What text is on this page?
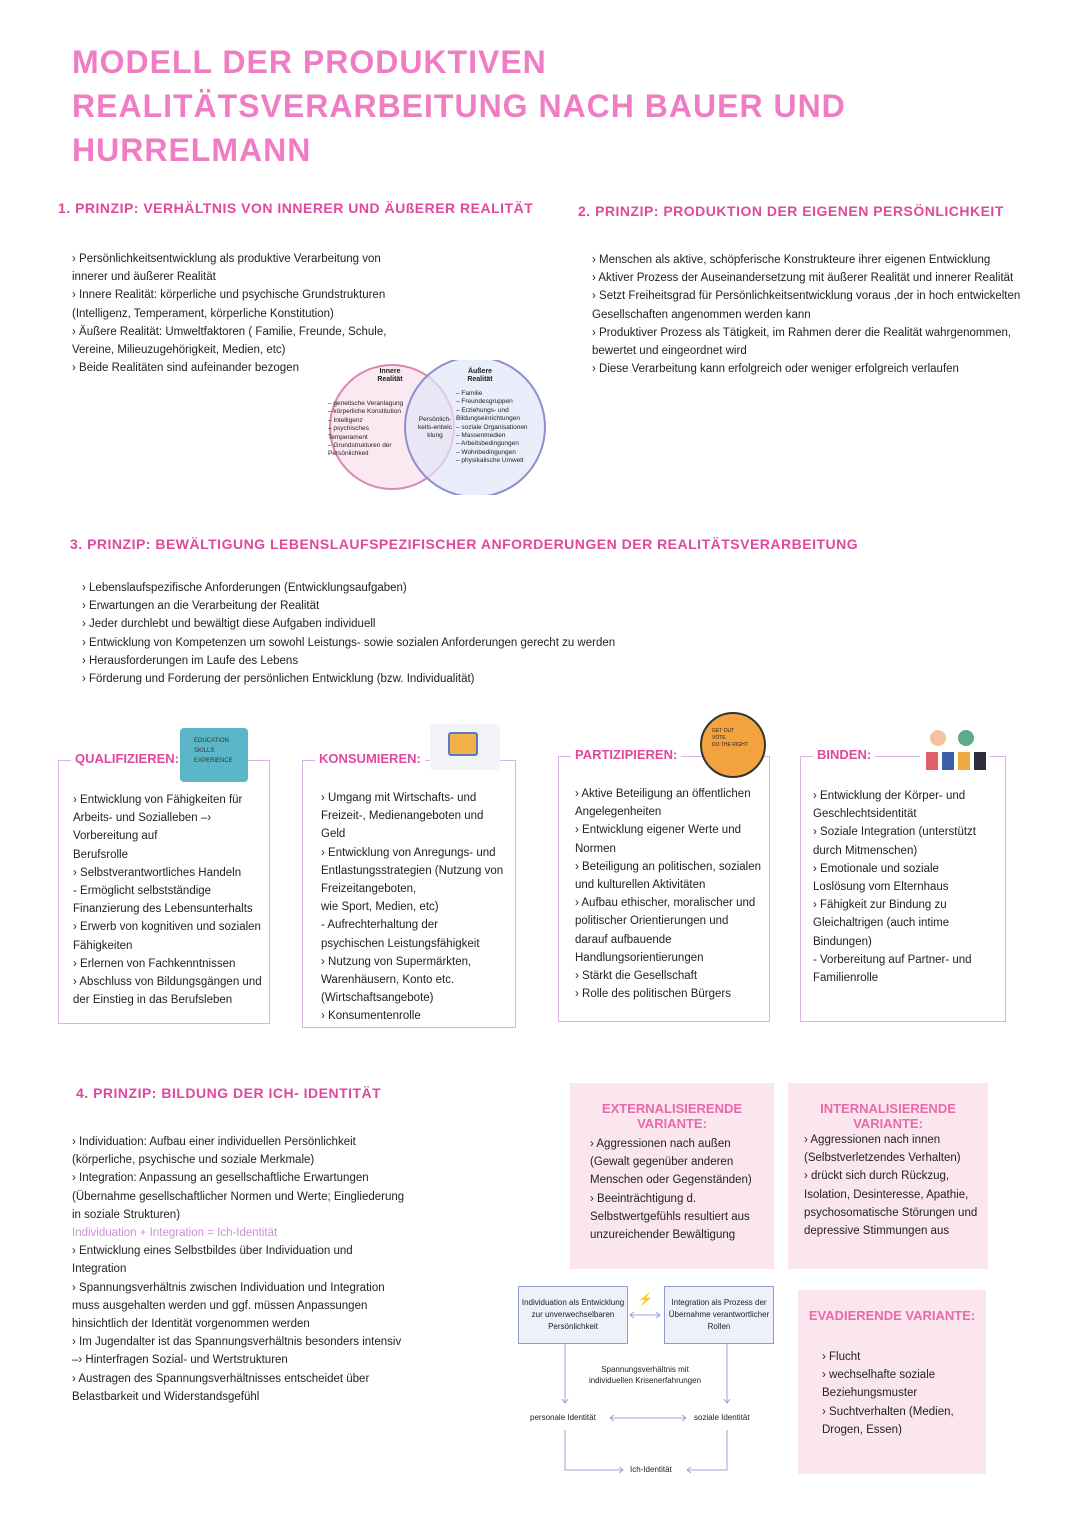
MODELL DER PRODUKTIVEN REALITÄTSVERARBEITUNG NACH BAUER UND HURRELMANN
1. PRINZIP: VERHÄLTNIS VON INNERER UND ÄUßERER REALITÄT
› Persönlichkeitsentwicklung als produktive Verarbeitung von
innerer und äußerer Realität
› Innere Realität: körperliche und psychische Grundstrukturen
(Intelligenz, Temperament, körperliche Konstitution)
› Äußere Realität: Umweltfaktoren ( Familie, Freunde, Schule,
Vereine, Milieuzugehörigkeit, Medien, etc)
› Beide Realitäten sind aufeinander bezogen	Innere Realität
– genetische Veranlagung
– körperliche Konstitution
– Intelligenz
– psychisches
Temperament
– Grundstrukturen der
Persönlichkeit
Persönlich-keits-entwicklung
Äußere Realität
– Familie
– Freundesgruppen
– Erziehungs- und
Bildungseinrichtungen
– soziale Organisationen
– Massenmedien
– Arbeitsbedingungen
– Wohnbedingungen
– physikalische Umwelt
2. PRINZIP: PRODUKTION DER EIGENEN PERSÖNLICHKEIT
› Menschen als aktive, schöpferische Konstrukteure ihrer eigenen Entwicklung
› Aktiver Prozess der Auseinandersetzung mit äußerer Realität und innerer Realität
› Setzt Freiheitsgrad für Persönlichkeitsentwicklung voraus ,der in hoch entwickelten
Gesellschaften angenommen werden kann
› Produktiver Prozess als Tätigkeit, im Rahmen derer die Realität wahrgenommen,
bewertet und eingeordnet wird
› Diese Verarbeitung kann erfolgreich oder weniger erfolgreich verlaufen
3. PRINZIP: BEWÄLTIGUNG LEBENSLAUFSPEZIFISCHER ANFORDERUNGEN DER REALITÄTSVERARBEITUNG
› Lebenslaufspezifische Anforderungen (Entwicklungsaufgaben)
› Erwartungen an die Verarbeitung der Realität
› Jeder durchlebt und bewältigt diese Aufgaben individuell
› Entwicklung von Kompetenzen um sowohl Leistungs- sowie sozialen Anforderungen gerecht zu werden
› Herausforderungen im Laufe des Lebens
› Förderung und Forderung der persönlichen Entwicklung (bzw. Individualität)
QUALIFIZIEREN:
› Entwicklung von Fähigkeiten für
Arbeits- und Sozialleben –›
Vorbereitung auf
Berufsrolle
› Selbstverantwortliches Handeln
- Ermöglicht selbstständige
Finanzierung des Lebensunterhalts
› Erwerb von kognitiven und sozialen
Fähigkeiten
› Erlernen von Fachkenntnissen
› Abschluss von Bildungsgängen und
der Einstieg in das Berufsleben
EDUCATION
SKILLS
EXPERIENCE	KONSUMIEREN:
› Umgang mit Wirtschafts- und
Freizeit-, Medienangeboten und
Geld
› Entwicklung von Anregungs- und
Entlastungsstrategien (Nutzung von
Freizeitangeboten,
wie Sport, Medien, etc)
- Aufrechterhaltung der
psychischen Leistungsfähigkeit
› Nutzung von Supermärkten,
Warenhäusern, Konto etc.
(Wirtschaftsangebote)
› Konsumentenrolle
PARTIZIPIEREN:
› Aktive Beteiligung an öffentlichen
Angelegenheiten
› Entwicklung eigener Werte und
Normen
› Beteiligung an politischen, sozialen
und kulturellen Aktivitäten
› Aufbau ethischer, moralischer und
politischer Orientierungen und
darauf aufbauende
Handlungsorientierungen
› Stärkt die Gesellschaft
› Rolle des politischen Bürgers
GET OUT
VOTE
DO THE RIGHT
BINDEN:
› Entwicklung der Körper- und
Geschlechtsidentität
› Soziale Integration (unterstützt
durch Mitmenschen)
› Emotionale und soziale
Loslösung vom Elternhaus
› Fähigkeit zur Bindung zu
Gleichaltrigen (auch intime
Bindungen)
- Vorbereitung auf Partner- und
Familienrolle
4. PRINZIP: BILDUNG DER ICH- IDENTITÄT
› Individuation: Aufbau einer individuellen Persönlichkeit
(körperliche, psychische und soziale Merkmale)
› Integration: Anpassung an gesellschaftliche Erwartungen
(Übernahme gesellschaftlicher Normen und Werte; Eingliederung
in soziale Strukturen)
Individuation + Integration = Ich-Identität
› Entwicklung eines Selbstbildes über Individuation und
Integration
› Spannungsverhältnis zwischen Individuation und Integration
muss ausgehalten werden und ggf. müssen Anpassungen
hinsichtlich der Identität vorgenommen werden
› Im Jugendalter ist das Spannungsverhältnis besonders intensiv
–› Hinterfragen Sozial- und Wertstrukturen
› Austragen des Spannungsverhältnisses entscheidet über
Belastbarkeit und Widerstandsgefühl
EXTERNALISIERENDE VARIANTE:
› Aggressionen nach außen
(Gewalt gegenüber anderen
Menschen oder Gegenständen)
› Beeinträchtigung d.
Selbstwertgefühls resultiert aus
unzureichender Bewältigung
INTERNALISIERENDE VARIANTE:
› Aggressionen nach innen
(Selbstverletzendes Verhalten)
› drückt sich durch Rückzug,
Isolation, Desinteresse, Apathie,
psychosomatische Störungen und
depressive Stimmungen aus
EVADIERENDE VARIANTE:
› Flucht
› wechselhafte soziale
Beziehungsmuster
› Suchtverhalten (Medien,
Drogen, Essen)
Individuation als Entwicklung zur unverwechselbaren Persönlichkeit
Integration als Prozess der Übernahme verantwortlicher Rollen
⚡
Spannungsverhältnis mit individuellen Krisenerfahrungen
personale Identität	soziale Identität
Ich-Identität
